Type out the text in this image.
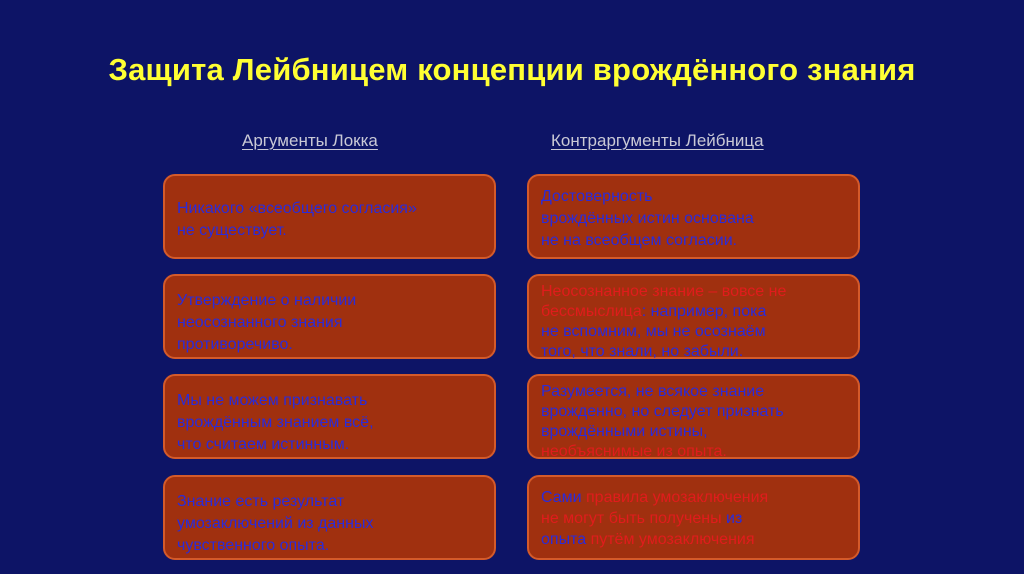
Защита Лейбницем концепции врождённого знания
Аргументы Локка	Контраргументы Лейбница
Никакого «всеобщего согласия»
не существует.
Утверждение о наличии
неосознанного знания
противоречиво.
Мы не можем признавать
врождённым знанием всё,
что считаем истинным.
Знание есть результат
умозаключений из данных
чувственного опыта.
Достоверность
врождённых истин основана
не на всеобщем согласии.
Неосознанное знание – вовсе не
бессмыслица: например, пока
не вспомним, мы не осознаём
того, что знали, но забыли.
Разумеется, не всякое знание
врожденно, но следует признать
врождёнными истины,
необъяснимые из опыта.
Сами правила умозаключения
не могут быть получены из
опыта путём умозаключения
